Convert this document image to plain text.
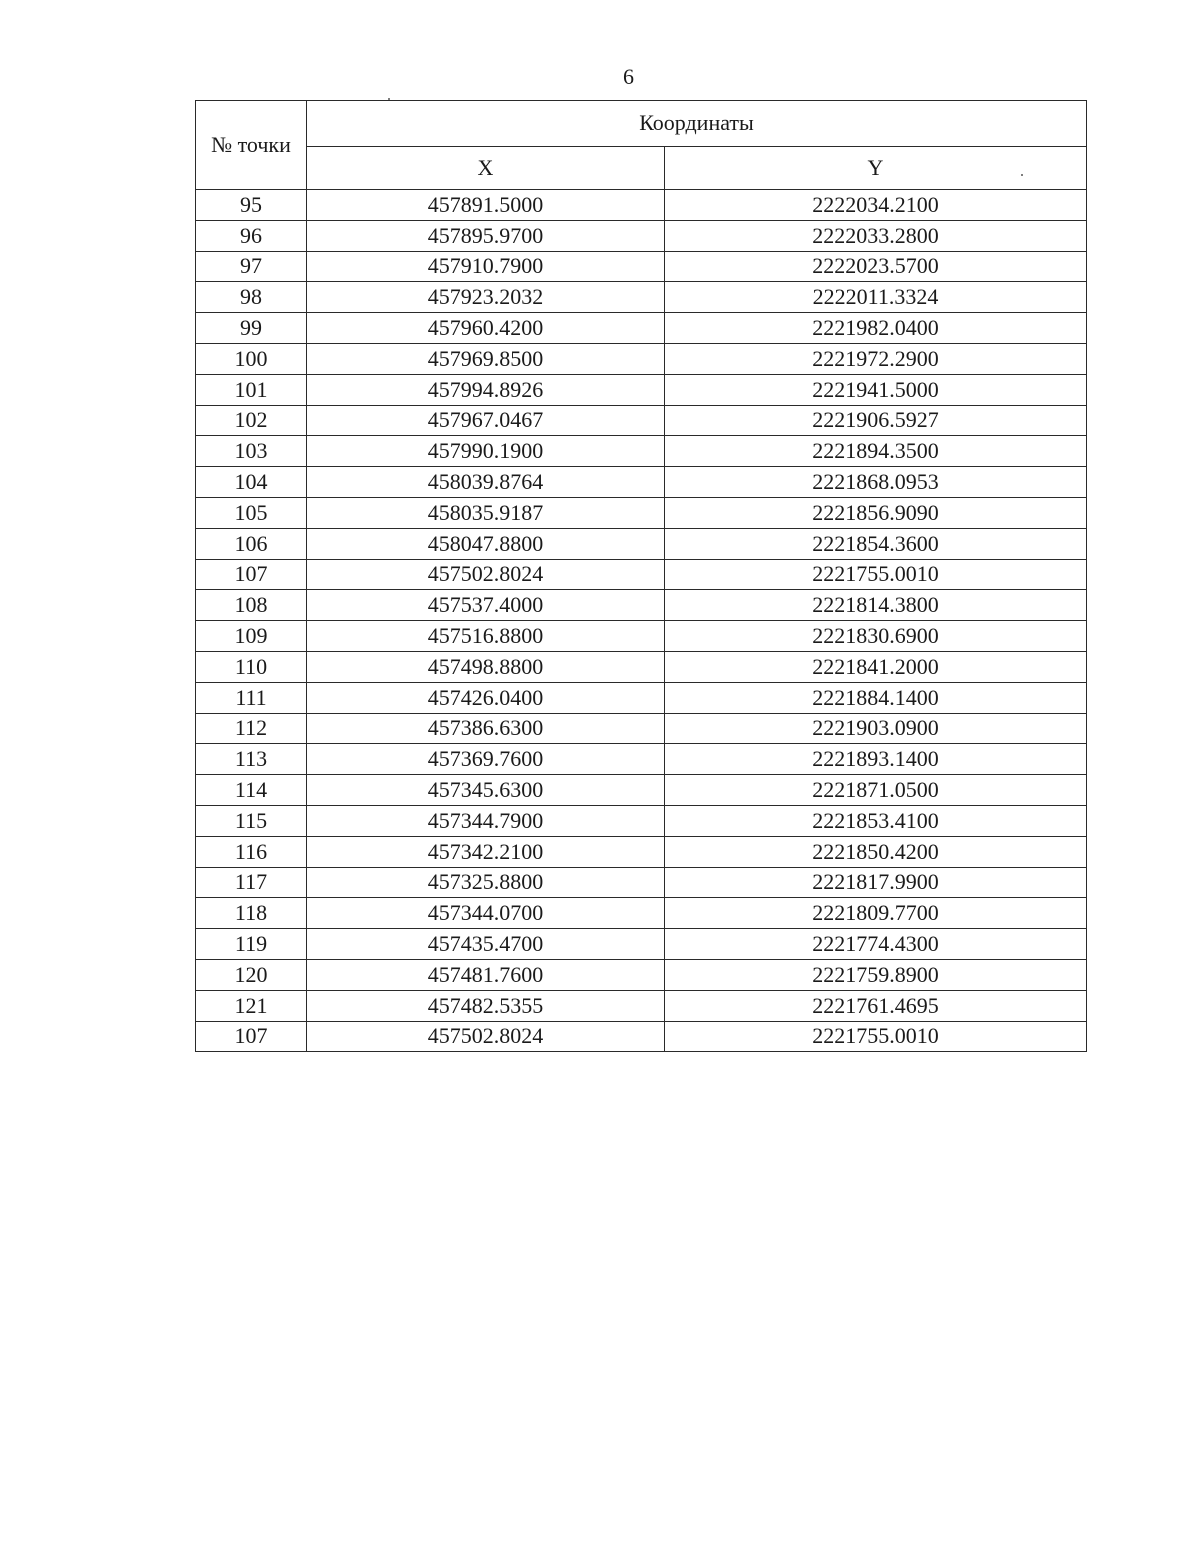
6
№ точки	Координаты	
	X	Y
95	457891.5000	2222034.2100
96	457895.9700	2222033.2800
97	457910.7900	2222023.5700
98	457923.2032	2222011.3324
99	457960.4200	2221982.0400
100	457969.8500	2221972.2900
101	457994.8926	2221941.5000
102	457967.0467	2221906.5927
103	457990.1900	2221894.3500
104	458039.8764	2221868.0953
105	458035.9187	2221856.9090
106	458047.8800	2221854.3600
107	457502.8024	2221755.0010
108	457537.4000	2221814.3800
109	457516.8800	2221830.6900
110	457498.8800	2221841.2000
111	457426.0400	2221884.1400
112	457386.6300	2221903.0900
113	457369.7600	2221893.1400
114	457345.6300	2221871.0500
115	457344.7900	2221853.4100
116	457342.2100	2221850.4200
117	457325.8800	2221817.9900
118	457344.0700	2221809.7700
119	457435.4700	2221774.4300
120	457481.7600	2221759.8900
121	457482.5355	2221761.4695
107	457502.8024	2221755.0010
